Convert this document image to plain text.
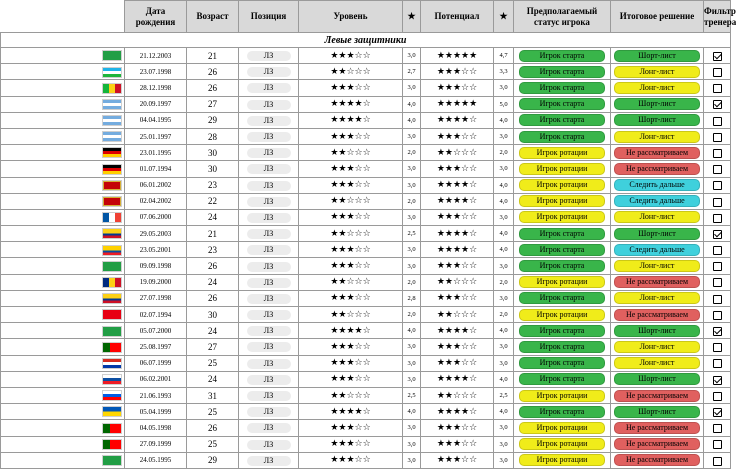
	Дата рождения	Возраст	Позиция	Уровень	★	Потенциал	★	Предполагаемый статус игрока	Итоговое решение	Фильтр тренера
Левые защитники										
	21.12.2003	21	ЛЗ	★★★☆☆	3,0	★★★★★	4,7	Игрок старта	Шорт-лист	
	23.07.1998	26	ЛЗ	★★☆☆☆	2,7	★★★☆☆	3,3	Игрок старта	Лонг-лист	
	28.12.1998	26	ЛЗ	★★★☆☆	3,0	★★★☆☆	3,0	Игрок старта	Лонг-лист	
	20.09.1997	27	ЛЗ	★★★★☆	4,0	★★★★★	5,0	Игрок старта	Шорт-лист	
	04.04.1995	29	ЛЗ	★★★★☆	4,0	★★★★☆	4,0	Игрок старта	Шорт-лист	
	25.01.1997	28	ЛЗ	★★★☆☆	3,0	★★★☆☆	3,0	Игрок старта	Лонг-лист	
	23.01.1995	30	ЛЗ	★★☆☆☆	2,0	★★☆☆☆	2,0	Игрок ротации	Не рассматриваем	
	01.07.1994	30	ЛЗ	★★★☆☆	3,0	★★★☆☆	3,0	Игрок ротации	Не рассматриваем	
	06.01.2002	23	ЛЗ	★★★☆☆	3,0	★★★★☆	4,0	Игрок ротации	Следить дальше	
	02.04.2002	22	ЛЗ	★★☆☆☆	2,0	★★★★☆	4,0	Игрок ротации	Следить дальше	
	07.06.2000	24	ЛЗ	★★★☆☆	3,0	★★★☆☆	3,0	Игрок ротации	Лонг-лист	
	29.05.2003	21	ЛЗ	★★☆☆☆	2,5	★★★★☆	4,0	Игрок старта	Шорт-лист	
	23.05.2001	23	ЛЗ	★★★☆☆	3,0	★★★★☆	4,0	Игрок старта	Следить дальше	
	09.09.1998	26	ЛЗ	★★★☆☆	3,0	★★★☆☆	3,0	Игрок старта	Лонг-лист	
	19.09.2000	24	ЛЗ	★★☆☆☆	2,0	★★☆☆☆	2,0	Игрок ротации	Не рассматриваем	
	27.07.1998	26	ЛЗ	★★★☆☆	2,8	★★★☆☆	3,0	Игрок старта	Лонг-лист	
	02.07.1994	30	ЛЗ	★★☆☆☆	2,0	★★☆☆☆	2,0	Игрок ротации	Не рассматриваем	
	05.07.2000	24	ЛЗ	★★★★☆	4,0	★★★★☆	4,0	Игрок старта	Шорт-лист	
	25.08.1997	27	ЛЗ	★★★☆☆	3,0	★★★☆☆	3,0	Игрок старта	Лонг-лист	
	06.07.1999	25	ЛЗ	★★★☆☆	3,0	★★★☆☆	3,0	Игрок старта	Лонг-лист	
	06.02.2001	24	ЛЗ	★★★☆☆	3,0	★★★★☆	4,0	Игрок старта	Шорт-лист	
	21.06.1993	31	ЛЗ	★★☆☆☆	2,5	★★☆☆☆	2,5	Игрок ротации	Не рассматриваем	
	05.04.1999	25	ЛЗ	★★★★☆	4,0	★★★★☆	4,0	Игрок старта	Шорт-лист	
	04.05.1998	26	ЛЗ	★★★☆☆	3,0	★★★☆☆	3,0	Игрок ротации	Не рассматриваем	
	27.09.1999	25	ЛЗ	★★★☆☆	3,0	★★★☆☆	3,0	Игрок ротации	Не рассматриваем	
	24.05.1995	29	ЛЗ	★★★☆☆	3,0	★★★☆☆	3,0	Игрок ротации	Не рассматриваем	
